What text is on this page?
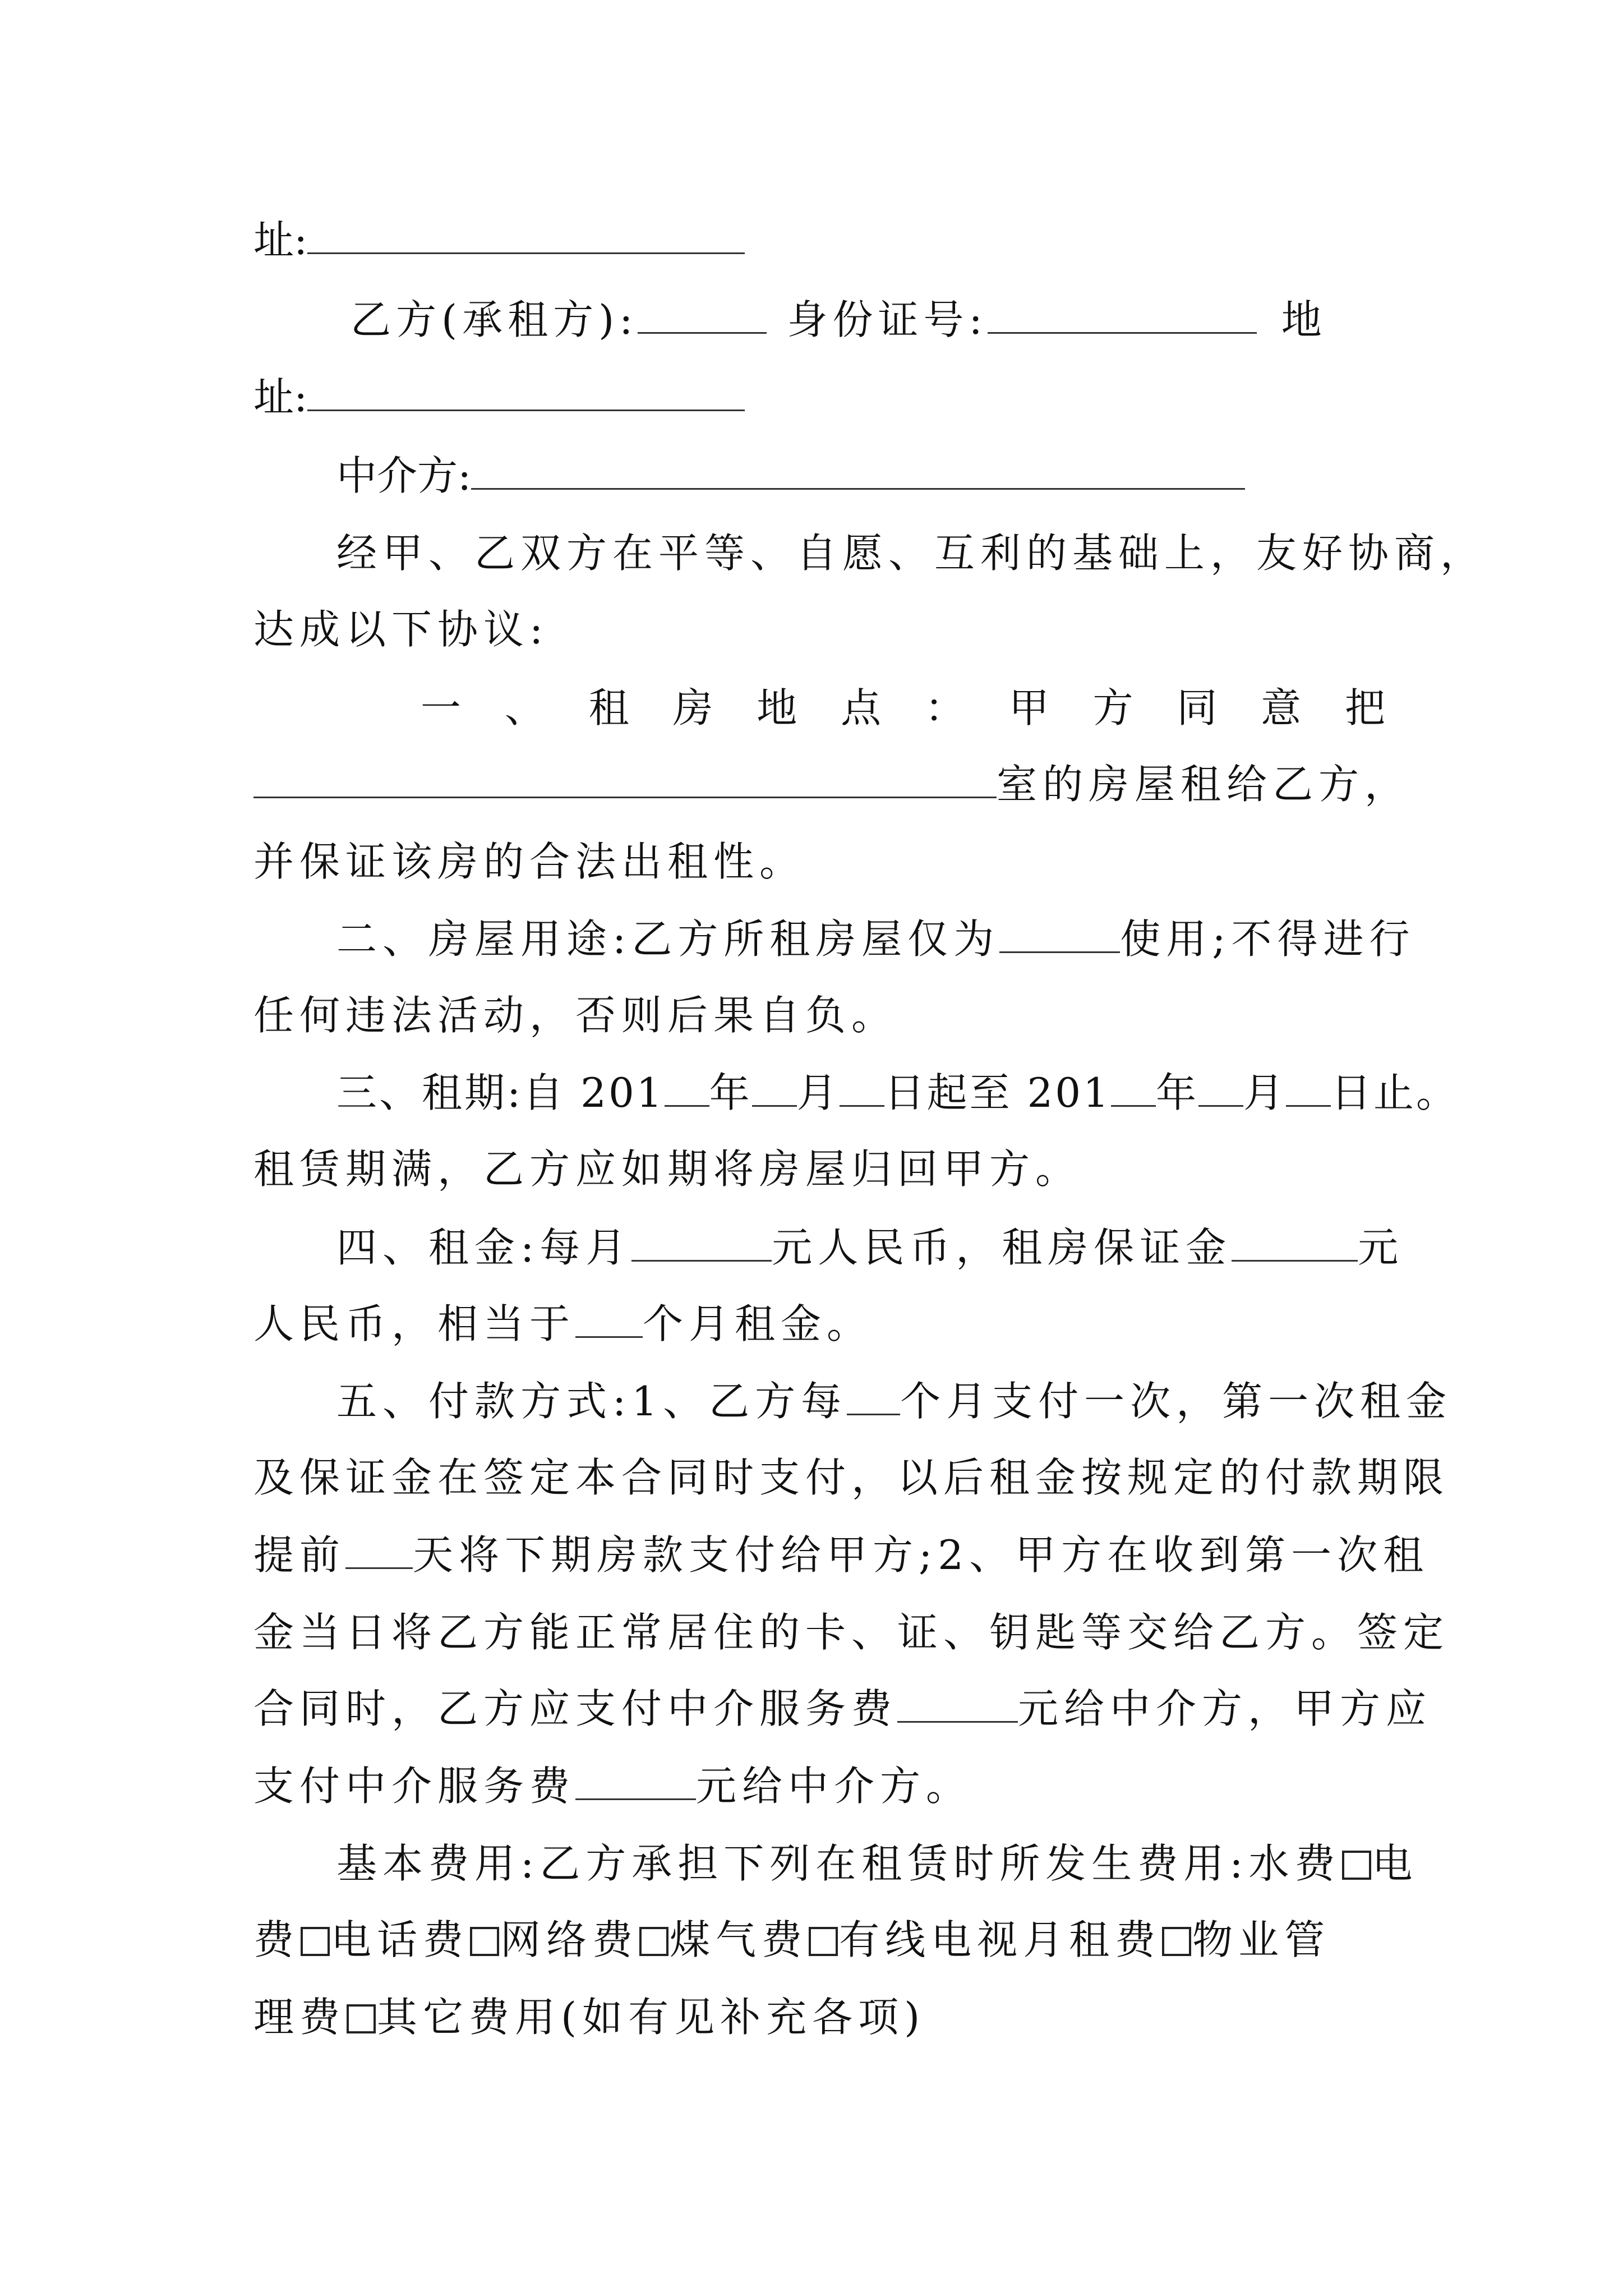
址:
乙方(承租方):	身份证号:	地
址:
中介方:
经甲、乙双方在平等、自愿、互利的基础上，友好协商，
达成以下协议:
一 、 租 房 地 点 ： 甲 方 同 意 把
室的房屋租给乙方，
并保证该房的合法出租性。
二、房屋用途:乙方所租房屋仅为	使用;不得进行
任何违法活动，否则后果自负。
三、租期:自 201 年 月 日起至 201 年 月 日止。
租赁期满，乙方应如期将房屋归回甲方。
四、租金:每月	元人民币，租房保证金	元
人民币，相当于 个月租金。
五、付款方式:1、乙方每 个月支付一次，第一次租金
及保证金在签定本合同时支付，以后租金按规定的付款期限
提前 天将下期房款支付给甲方;2、甲方在收到第一次租
金当日将乙方能正常居住的卡、证、钥匙等交给乙方。签定
合同时，乙方应支付中介服务费	元给中介方，甲方应
支付中介服务费	元给中介方。
基本费用:乙方承担下列在租赁时所发生费用:水费 电
费 电话费 网络费 煤气费 有线电视月租费 物业管
理费 其它费用(如有见补充各项)
